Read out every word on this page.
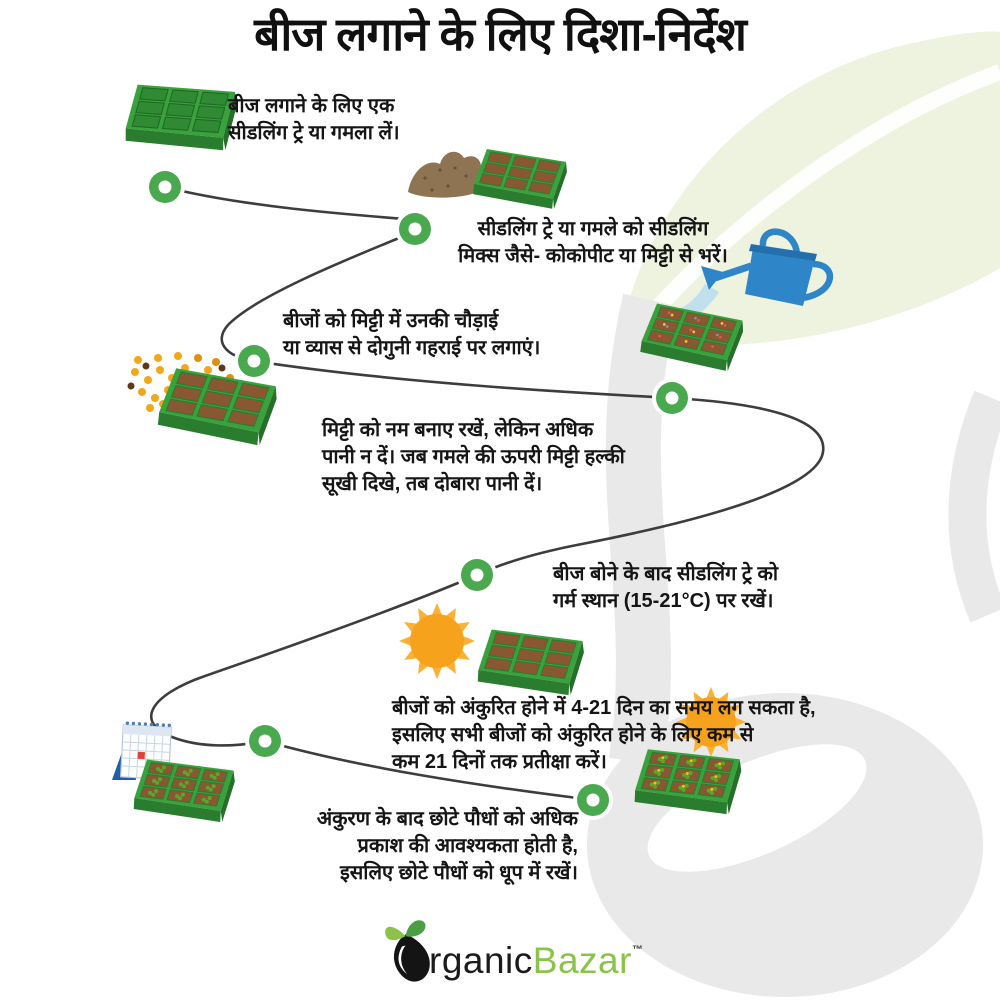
बीज लगाने के लिए दिशा-निर्देश
बीज लगाने के लिए एक
सीडलिंग ट्रे या गमला लें।
सीडलिंग ट्रे या गमले को सीडलिंग
मिक्स जैसे- कोकोपीट या मिट्टी से भरें।
बीजों को मिट्टी में उनकी चौड़ाई
या व्यास से दोगुनी गहराई पर लगाएं।
मिट्टी को नम बनाए रखें, लेकिन अधिक
पानी न दें। जब गमले की ऊपरी मिट्टी हल्की
सूखी दिखे, तब दोबारा पानी दें।
बीज बोने के बाद सीडलिंग ट्रे को
गर्म स्थान (15-21°C) पर रखें।
बीजों को अंकुरित होने में 4-21 दिन का समय लग सकता है,
इसलिए सभी बीजों को अंकुरित होने के लिए कम से
कम 21 दिनों तक प्रतीक्षा करें।
अंकुरण के बाद छोटे पौधों को अधिक
प्रकाश की आवश्यकता होती है,
इसलिए छोटे पौधों को धूप में रखें।
rganicBazar™
